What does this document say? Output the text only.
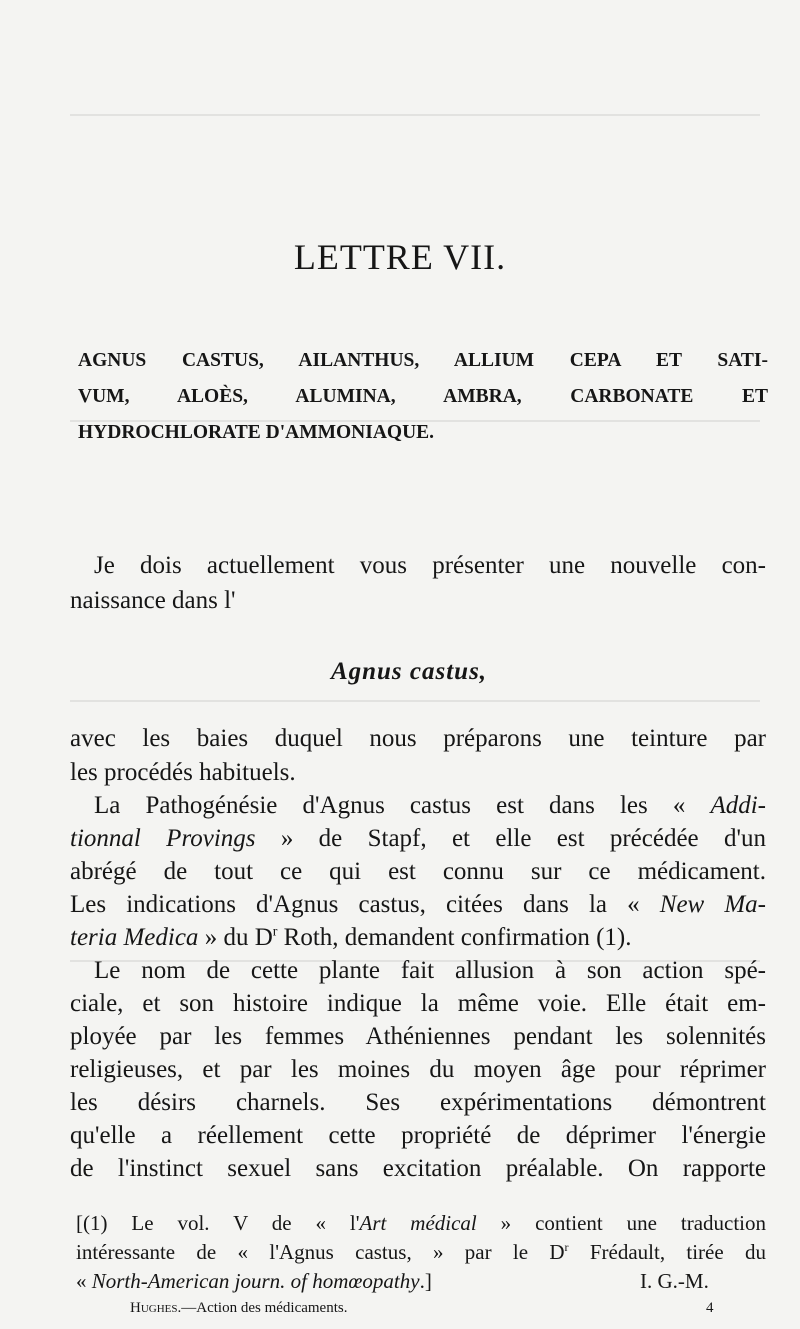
LETTRE VII.
AGNUS CASTUS, AILANTHUS, ALLIUM CEPA ET SATI-
VUM, ALOÈS, ALUMINA, AMBRA, CARBONATE ET
HYDROCHLORATE D'AMMONIAQUE.
Je dois actuellement vous présenter une nouvelle con-
naissance dans l'
Agnus castus,
avec les baies duquel nous préparons une teinture par
les procédés habituels.
La Pathogénésie d'Agnus castus est dans les « Addi-
tionnal Provings » de Stapf, et elle est précédée d'un
abrégé de tout ce qui est connu sur ce médicament.
Les indications d'Agnus castus, citées dans la « New Ma-
teria Medica » du $D^r$ Roth, demandent confirmation (1).
Le nom de cette plante fait allusion à son action spé-
ciale, et son histoire indique la même voie. Elle était em-
ployée par les femmes Athéniennes pendant les solennités
religieuses, et par les moines du moyen âge pour réprimer
les désirs charnels. Ses expérimentations démontrent
qu'elle a réellement cette propriété de déprimer l'énergie
de l'instinct sexuel sans excitation préalable. On rapporte
[(1) Le vol. V de « l'Art médical » contient une traduction
intéressante de « l'Agnus castus, » par le $D^r$ Frédault, tirée du
« North-American journ. of homœopathy.]	I. G.-M.
Hughes.—Action des médicaments.	4
